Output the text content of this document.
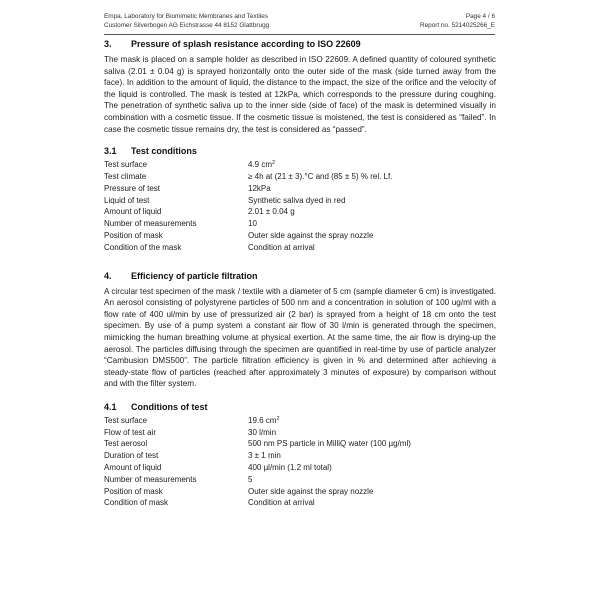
Empa, Laboratory for Biomimetic Membranes and Textiles	Page 4 / 6
Customer Silverbogen AG Eichstrasse 44 8152 Glattbrugg	Report no. 5214025266_E
3.	Pressure of splash resistance according to ISO 22609

The mask is placed on a sample holder as described in ISO 22609. A defined quantity of coloured synthetic saliva (2.01 ± 0.04 g) is sprayed horizontally onto the outer side of the mask (side turned away from the face). In addition to the amount of liquid, the distance to the impact, the size of the orifice and the velocity of the liquid is controlled. The mask is tested at 12kPa, which corresponds to the pressure during coughing. The penetration of synthetic saliva up to the inner side (side of face) of the mask is determined visually in combination with a cosmetic tissue. If the cosmetic tissue is moistened, the test is considered as “failed”. In case the cosmetic tissue remains dry, the test is considered as “passed”.

3.1	Test conditions
Test surface	4.9 $cm^2$
Test climate	≥ 4h at (21 ± 3).°C and (85 ± 5) % rel. Lf.
Pressure of test	12kPa
Liquid of test	Synthetic saliva dyed in red
Amount of liquid	2.01 ± 0.04 g
Number of measurements	10
Position of mask	Outer side against the spray nozzle
Condition of the mask	Condition at arrival
4.	Efficiency of particle filtration

A circular test specimen of the mask / textile with a diameter of 5 cm (sample diameter 6 cm) is investigated. An aerosol consisting of polystyrene particles of 500 nm and a concentration in solution of 100 ug/ml with a flow rate of 400 ul/min by use of pressurized air (2 bar) is sprayed from a height of 18 cm onto the test specimen. By use of a pump system a constant air flow of 30 l/min is generated through the specimen, mimicking the human breathing volume at physical exertion. At the same time, the air flow is drying-up the aerosol. The particles diffusing through the specimen are quantified in real-time by use of particle analyzer “Cambusion DMS500”. The particle filtration efficiency is given in % and determined after achieving a steady-state flow of particles (reached after approximately 3 minutes of exposure) by comparison without and with the filter system.

4.1	Conditions of test
Test surface	19.6 $cm^2$
Flow of test air	30 l/min
Test aerosol	500 nm PS particle in MilliQ water (100 µg/ml)
Duration of test	3 ± 1 min
Amount of liquid	400 µl/min (1.2 ml total)
Number of measurements	5
Position of mask	Outer side against the spray nozzle
Condition of mask	Condition at arrival
